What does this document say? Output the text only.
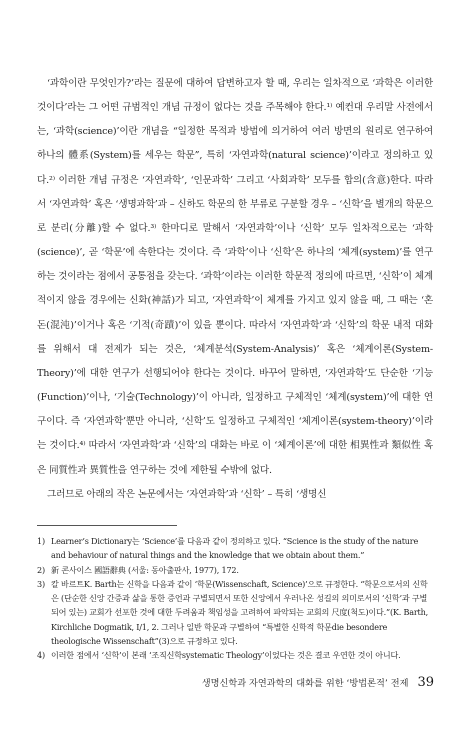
‘과학이란 무엇인가?’라는 질문에 대하여 답변하고자 할 때, 우리는 일차적으로 ‘과학은 이러한 것이다’라는 그 어떤 규범적인 개념 규정이 없다는 것을 주목해야 한다.¹⁾ 예컨대 우리말 사전에서는, ‘과학(science)’이란 개념을 “일정한 목적과 방법에 의거하여 여러 방면의 원리로 연구하여 하나의 體系(System)를 세우는 학문”, 특히 ‘자연과학(natural science)’이라고 정의하고 있다.²⁾ 이러한 개념 규정은 ‘자연과학’, ‘인문과학’ 그리고 ‘사회과학’ 모두를 합의(含意)한다. 따라서 ‘자연과학’ 혹은 ‘생명과학’과 – 신하도 학문의 한 부류로 구분할 경우 – ‘신학’을 별개의 학문으로 분리(分離)할 수 없다.³⁾ 한마디로 말해서 ‘자연과학’이나 ‘신학’ 모두 일차적으로는 ‘과학(science)’, 곧 ‘학문’에 속한다는 것이다. 즉 ‘과학’이나 ‘신학’은 하나의 ‘체계(system)’를 연구하는 것이라는 점에서 공통점을 갖는다. ‘과학’이라는 이러한 학문적 정의에 따르면, ‘신학’이 체계적이지 않을 경우에는 신화(神話)가 되고, ‘자연과학’이 체계를 가지고 있지 않을 때, 그 때는 ‘혼돈(混沌)’이거나 혹은 ‘기적(奇蹟)’이 있을 뿐이다. 따라서 ‘자연과학’과 ‘신학’의 학문 내적 대화를 위해서 대 전제가 되는 것은, ‘체계분석(System-Analysis)’ 혹은 ‘체계이론(System-Theory)’에 대한 연구가 선행되어야 한다는 것이다. 바꾸어 말하면, ‘자연과학’도 단순한 ‘기능(Function)’이나, ‘기술(Technology)’이 아니라, 일정하고 구체적인 ‘체계(system)’에 대한 연구이다. 즉 ‘자연과학’뿐만 아니라, ‘신학’도 일정하고 구체적인 ‘체계이론(system-theory)’이라는 것이다.⁴⁾ 따라서 ‘자연과학’과 ‘신학’의 대화는 바로 이 ‘체계이론’에 대한 相異性과 類似性 혹은 同質性과 異質性을 연구하는 것에 제한될 수밖에 없다.

그러므로 아래의 작은 논문에서는 ‘자연과학’과 ‘신학’ – 특히 ‘생명신

1) Learner’s Dictionary는 ‘Science’를 다음과 같이 정의하고 있다. “Science is the study of the nature and behaviour of natural things and the knowledge that we obtain about them.”
2) 新 콘사이스 國語辭典 (서울: 동아출판사, 1977), 172.
3) 칼 바르트K. Barth는 신학을 다음과 같이 ‘학문(Wissenschaft, Science)’으로 규정한다. “학문으로서의 신학은 (단순한 신앙 간증과 삶을 통한 증언과 구별되면서 또한 신앙에서 우러나온 성길의 의미로서의 ‘신학’과 구별되어 있는) 교회가 선포한 것에 대한 두려움과 책임성을 고려하여 파악되는 교회의 尺度(척도)이다.”(K. Barth, Kirchliche Dogmatik, I/1, 2. 그러나 일반 학문과 구별하여 “특별한 신학적 학문die besondere theologische Wissenschaft”(3)으로 규정하고 있다.
4) 이러한 점에서 ‘신학’이 본래 ‘조직신학systematic Theology’이었다는 것은 결코 우연한 것이 아니다.
생명신학과 자연과학의 대화를 위한 ‘방법론적’ 전제 39
